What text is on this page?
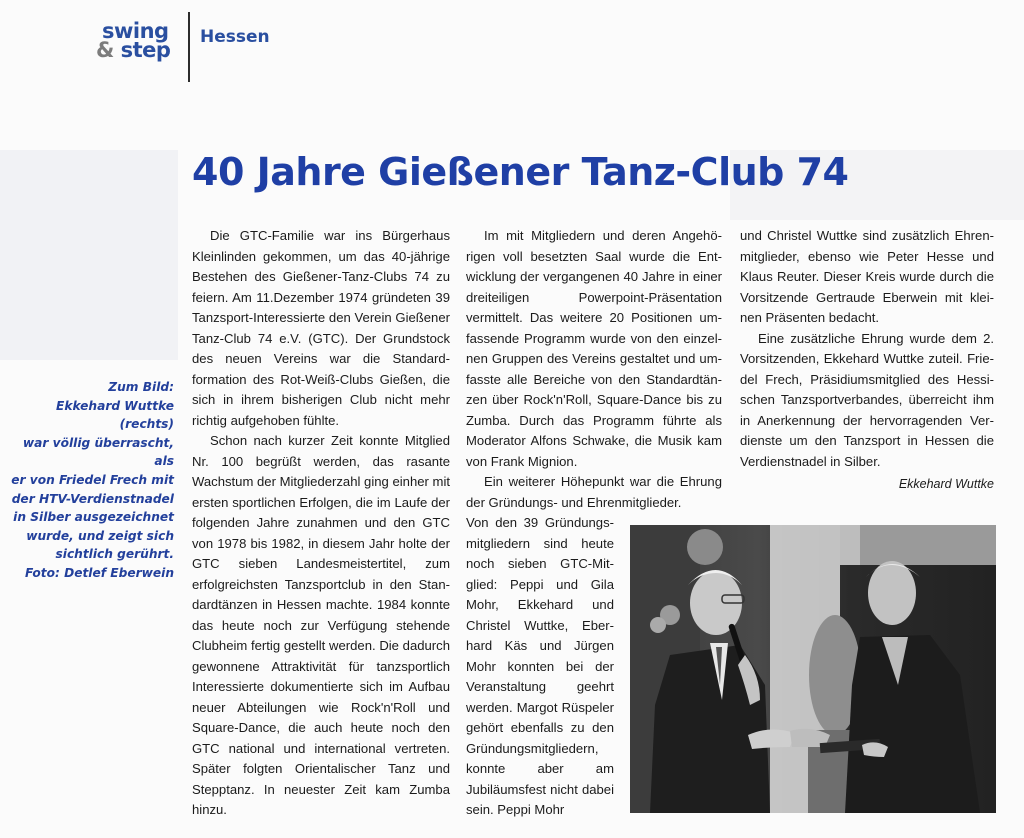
swing
& step
Hessen
40 Jahre Gießener Tanz-Club 74
Zum Bild:
Ekkehard Wuttke (rechts)
war völlig überrascht, als
er von Friedel Frech mit
der HTV-Verdienstnadel
in Silber ausgezeichnet
wurde, und zeigt sich
sichtlich gerührt.
Foto: Detlef Eberwein

Die GTC-Familie war ins Bürgerhaus Kleinlinden gekommen, um das 40-jährige Bestehen des Gießener-Tanz-Clubs 74 zu feiern. Am 11.Dezember 1974 gründeten 39 Tanzsport-Interessierte den Verein Gießener Tanz-Club 74 e.V. (GTC). Der Grundstock des neuen Vereins war die Standardformation des Rot-Weiß-Clubs Gießen, die sich in ihrem bisherigen Club nicht mehr richtig aufgehoben fühlte.

Schon nach kurzer Zeit konnte Mitglied Nr. 100 begrüßt werden, das rasante Wachstum der Mitgliederzahl ging einher mit ersten sportlichen Erfolgen, die im Laufe der folgenden Jahre zunahmen und den GTC von 1978 bis 1982, in diesem Jahr holte der GTC sieben Landesmeistertitel, zum erfolgreichsten Tanzsportclub in den Standardtänzen in Hessen machte. 1984 konnte das heute noch zur Verfügung stehende Clubheim fertig gestellt werden. Die dadurch gewonnene Attraktivität für tanzsportlich Interessierte dokumentierte sich im Aufbau neuer Abteilungen wie Rock'n'Roll und Square-Dance, die auch heute noch den GTC national und international vertreten. Später folgten Orientalischer Tanz und Stepptanz. In neuester Zeit kam Zumba hinzu.

Im mit Mitgliedern und deren Angehörigen voll besetzten Saal wurde die Entwicklung der vergangenen 40 Jahre in einer dreiteiligen Powerpoint-Präsentation vermittelt. Das weitere 20 Positionen umfassende Programm wurde von den einzelnen Gruppen des Vereins gestaltet und umfasste alle Bereiche von den Standardtänzen über Rock'n'Roll, Square-Dance bis zu Zumba. Durch das Programm führte als Moderator Alfons Schwake, die Musik kam von Frank Mignion.

Ein weiterer Höhepunkt war die Ehrung der Gründungs- und Ehrenmitglieder.

Von den 39 Gründungsmitgliedern sind heute noch sieben GTC-Mitglied: Peppi und Gila Mohr, Ekkehard und Christel Wuttke, Eberhard Käs und Jürgen Mohr konnten bei der Veranstaltung geehrt werden. Margot Rüspeler gehört ebenfalls zu den Gründungsmitgliedern, konnte aber am Jubiläumsfest nicht dabei sein. Peppi Mohr

und Christel Wuttke sind zusätzlich Ehrenmitglieder, ebenso wie Peter Hesse und Klaus Reuter. Dieser Kreis wurde durch die Vorsitzende Gertraude Eberwein mit kleinen Präsenten bedacht.

Eine zusätzliche Ehrung wurde dem 2. Vorsitzenden, Ekkehard Wuttke zuteil. Friedel Frech, Präsidiumsmitglied des Hessischen Tanzsportverbandes, überreicht ihm in Anerkennung der hervorragenden Verdienste um den Tanzsport in Hessen die Verdienstnadel in Silber.

Ekkehard Wuttke
